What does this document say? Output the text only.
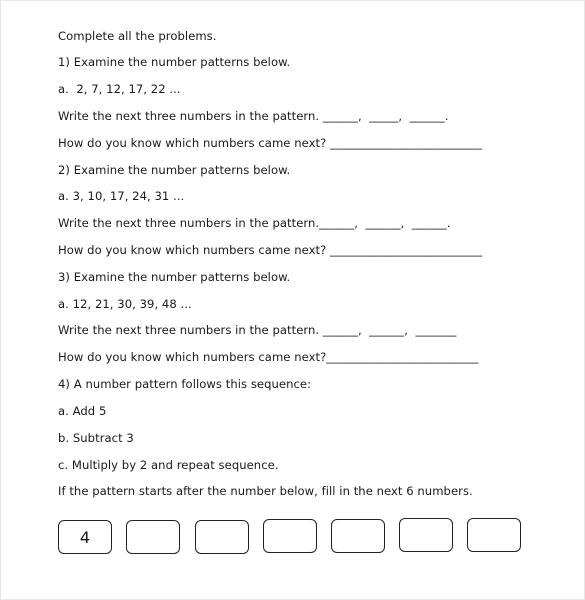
Complete all the problems.
1) Examine the number patterns below.
a.  2, 7, 12, 17, 22 ...
Write the next three numbers in the pattern. ______,  _____,  ______.
How do you know which numbers came next? __________________________
2) Examine the number patterns below.
a. 3, 10, 17, 24, 31 ...
Write the next three numbers in the pattern.______,  ______,  ______.
How do you know which numbers came next? __________________________
3) Examine the number patterns below.
a. 12, 21, 30, 39, 48 ...
Write the next three numbers in the pattern. ______,  ______,  _______
How do you know which numbers came next?__________________________
4) A number pattern follows this sequence:
a. Add 5
b. Subtract 3
c. Multiply by 2 and repeat sequence.
If the pattern starts after the number below, fill in the next 6 numbers.
4
